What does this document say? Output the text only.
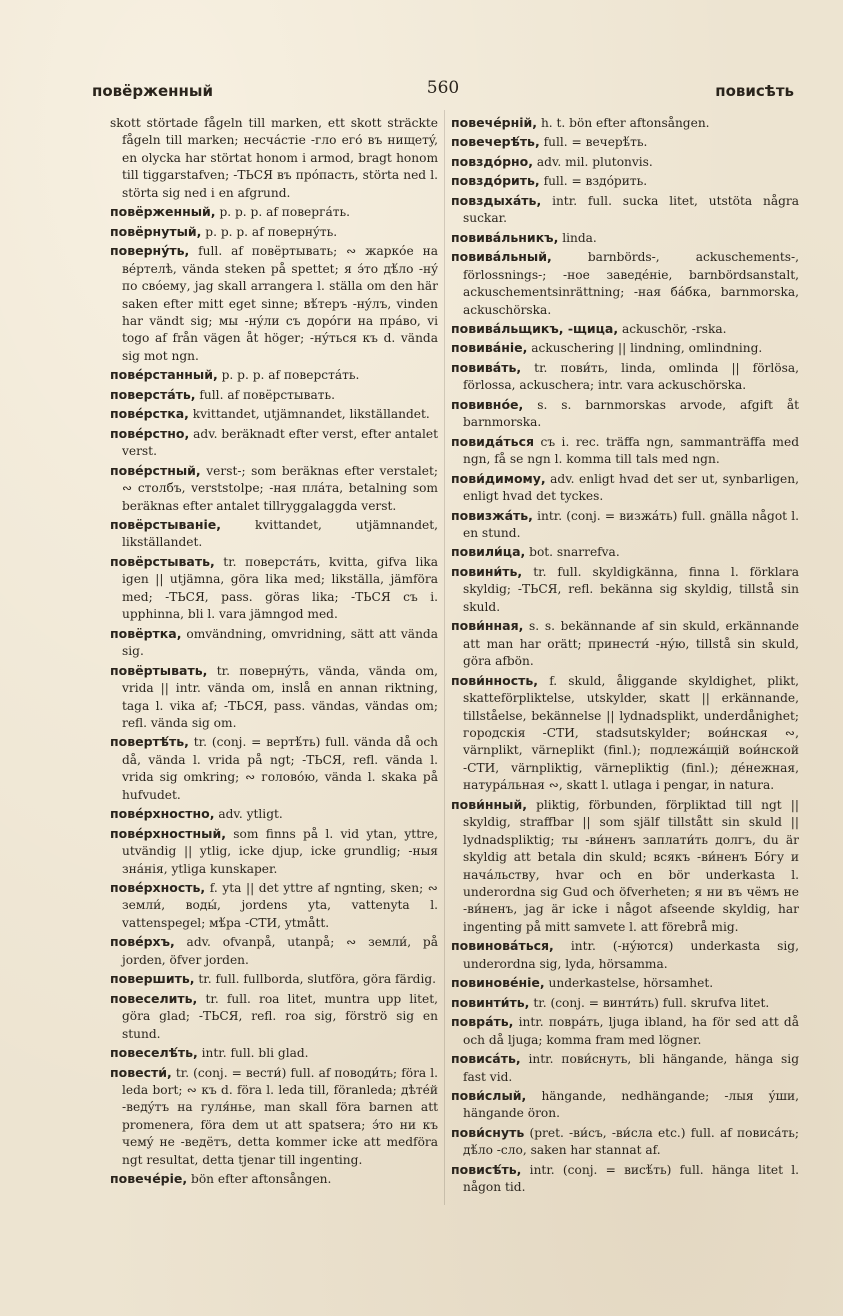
повёрженный	560	повисѣть

skott störtade fågeln till marken, ett skott sträckte fågeln till marken; несчáстіе -гло егó въ нищетý, en olycka har störtat honom i armod, bragt honom till tiggarstafven; -ТЬСЯ въ прóпасть, störta ned l. störta sig ned i en afgrund.

повёрженный, p. p. p. af повергáть.

повёрнутый, p. p. p. af повернýть.

повернýть, full. af повёртывать; ∾ жаркóе на вéртелѣ, vända steken på spettet; я э́то дѣ́ло -нý по свóему, jag skall arrangera l. ställa om den här saken efter mitt eget sinne; вѣ́теръ -нýлъ, vinden har vändt sig; мы -нýли съ дорóги на прáво, vi togo af från vägen åt höger; -нýться къ d. vända sig mot ngn.

повéрстанный, p. p. p. af поверстáть.

поверстáть, full. af повёрстывать.

повéрстка, kvittandet, utjämnandet, likställandet.

повéрстно, adv. beräknadt efter verst, efter antalet verst.

повéрстный, verst-; som beräknas efter verstalet; ∾ столбъ, verststolpe; -ная плáта, betalning som beräknas efter antalet tillryggalaggda verst.

повёрстываніе,	kvittandet, utjämnandet, likställandet.

повёрстывать, tr. поверстáть, kvitta, gifva lika igen || utjämna, göra lika med; likställa, jämföra med; -ТЬСЯ, pass. göras lika; -ТЬСЯ съ i. upphinna, bli l. vara jämngod med.

повёртка, omvändning, omvridning, sätt att vända sig.

повёртывать, tr. повернýть, vända, vända om, vrida || intr. vända om, inslå en annan riktning, taga l. vika af; -ТЬСЯ, pass. vändas, vändas om; refl. vända sig om.

повертѣ́ть, tr. (conj. = вертѣ́ть) full. vända då och då, vända l. vrida på ngt; -ТЬСЯ, refl. vända l. vrida sig omkring; ∾ головóю, vända l. skaka på hufvudet.

повéрхностно, adv. ytligt.

повéрхностный, som finns på l. vid ytan, yttre, utvändig || ytlig, icke djup, icke grundlig; -ныя знáнія, ytliga kunskaper.

повéрхность, f. yta || det yttre af ngnting, sken; ∾ земли́, воды́, jordens yta, vattenyta l. vattenspegel; мѣ́ра -СТИ, ytmått.

повéрхъ, adv. ofvanpå, utanpå; ∾ земли́, på jorden, öfver jorden.

повершить, tr. full. fullborda, slutföra, göra färdig.

повеселить, tr. full. roa litet, muntra upp litet, göra glad; -ТЬСЯ, refl. roa sig, förströ sig en stund.

повеселѣ́ть, intr. full. bli glad.

повести́, tr. (conj. = вести́) full. af поводи́ть; föra l. leda bort; ∾ къ d. föra l. leda till, föranleda; дѣтéй -ведýтъ на гуля́нье, man skall föra barnen att promenera, föra dem ut att spatsera; э́то ни къ чемý не -ведётъ, detta kommer icke att medföra ngt resultat, detta tjenar till ingenting.

повечéріе, bön efter aftonsången.

повечéрній, h. t. bön efter aftonsången.

повечерѣ́ть, full. = вечерѣ́ть.

повздóрно, adv. mil. plutonvis.

повздóрить, full. = вздóрить.

повздыхáть, intr. full. sucka litet, utstöta några suckar.

повивáльникъ, linda.

повивáльный,	barnbörds-, ackuschements-, förlossnings-; -ное заведéніе, barnbördsanstalt, ackuschementsinrättning; -ная бáбка, barnmorska, ackuschörska.

повивáльщикъ, -щица, ackuschör, -rska.

повивáніе, ackuschering || lindning, omlindning.

повивáть, tr. пови́ть, linda, omlinda || förlösa, förlossa, ackuschera; intr. vara ackuschörska.

повивнóе, s. s. barnmorskas arvode, afgift åt barnmorska.

повидáться съ i. rec. träffa ngn, sammanträffa med ngn, få se ngn l. komma till tals med ngn.

пови́димому, adv. enligt hvad det ser ut, synbarligen, enligt hvad det tyckes.

повизжáть, intr. (conj. = визжáть) full. gnälla något l. en stund.

повили́ца, bot. snarrefva.

повини́ть, tr. full. skyldigkänna, finna l. förklara skyldig; -ТЬСЯ, refl. bekänna sig skyldig, tillstå sin skuld.

пови́нная, s. s. bekännande af sin skuld, erkännande att man har orätt; принести́ -нýю, tillstå sin skuld, göra afbön.

пови́нность, f. skuld, åliggande skyldighet, plikt, skatteförpliktelse, utskylder, skatt || erkännande, tillståelse, bekännelse || lydnadsplikt, underdånighet; городскія -СТИ, stadsutskylder; вои́нская ∾, värnplikt, värneplikt (finl.); подлежáщій вои́нской -СТИ, värnpliktig, värnepliktig (finl.); дéнежная, натурáльная ∾, skatt l. utlaga i pengar, in natura.

пови́нный, pliktig, förbunden, förpliktad till ngt || skyldig, straffbar || som själf tillstått sin skuld || lydnadspliktig; ты -ви́ненъ заплати́ть долгъ, du är skyldig att betala din skuld; всякъ -ви́ненъ Бóгу и начáльству, hvar och en bör underkasta l. underordna sig Gud och öfverheten; я ни въ чёмъ не -ви́ненъ, jag är icke i något afseende skyldig, har ingenting på mitt samvete l. att förebrå mig.

повиновáться, intr. (-нýются) underkasta sig, underordna sig, lyda, hörsamma.

повиновéніе, underkastelse, hörsamhet.

повинти́ть, tr. (conj. = винти́ть) full. skrufva litet.

поврáть, intr. поврáть, ljuga ibland, ha för sed att då och då ljuga; komma fram med lögner.

повисáть, intr. пови́снуть, bli hängande, hänga sig fast vid.

пови́слый, hängande, nedhängande; -лыя ýши, hängande öron.

пови́снуть (pret. -ви́съ, -ви́сла etc.) full. af повисáть; дѣ́ло -сло, saken har stannat af.

повисѣ́ть, intr. (conj. = висѣ́ть) full. hänga litet l. någon tid.
